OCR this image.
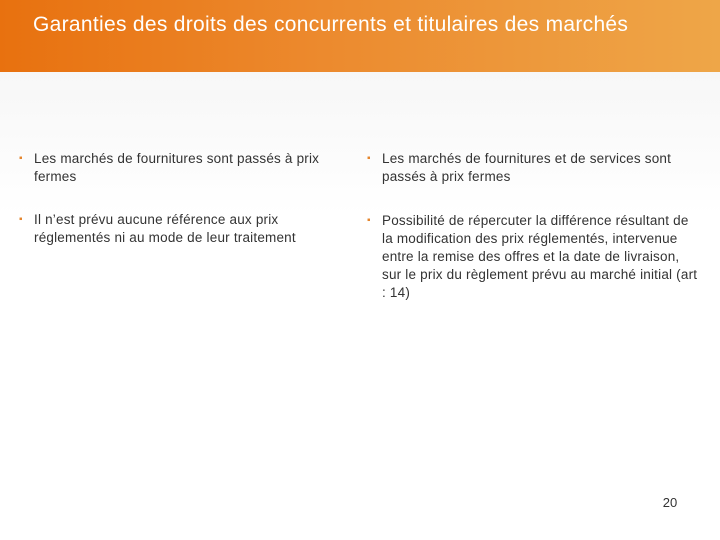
Garanties des droits des concurrents et titulaires des marchés
▪ Les marchés de fournitures sont passés à prix fermes
▪ Il n’est prévu aucune référence aux prix réglementés ni au mode de leur traitement
▪ Les marchés de fournitures et de services sont passés à prix fermes
▪ Possibilité de répercuter la différence résultant de la modification des prix réglementés, intervenue entre la remise des offres et la date de livraison, sur le prix du règlement prévu au marché initial (art : 14)
20
